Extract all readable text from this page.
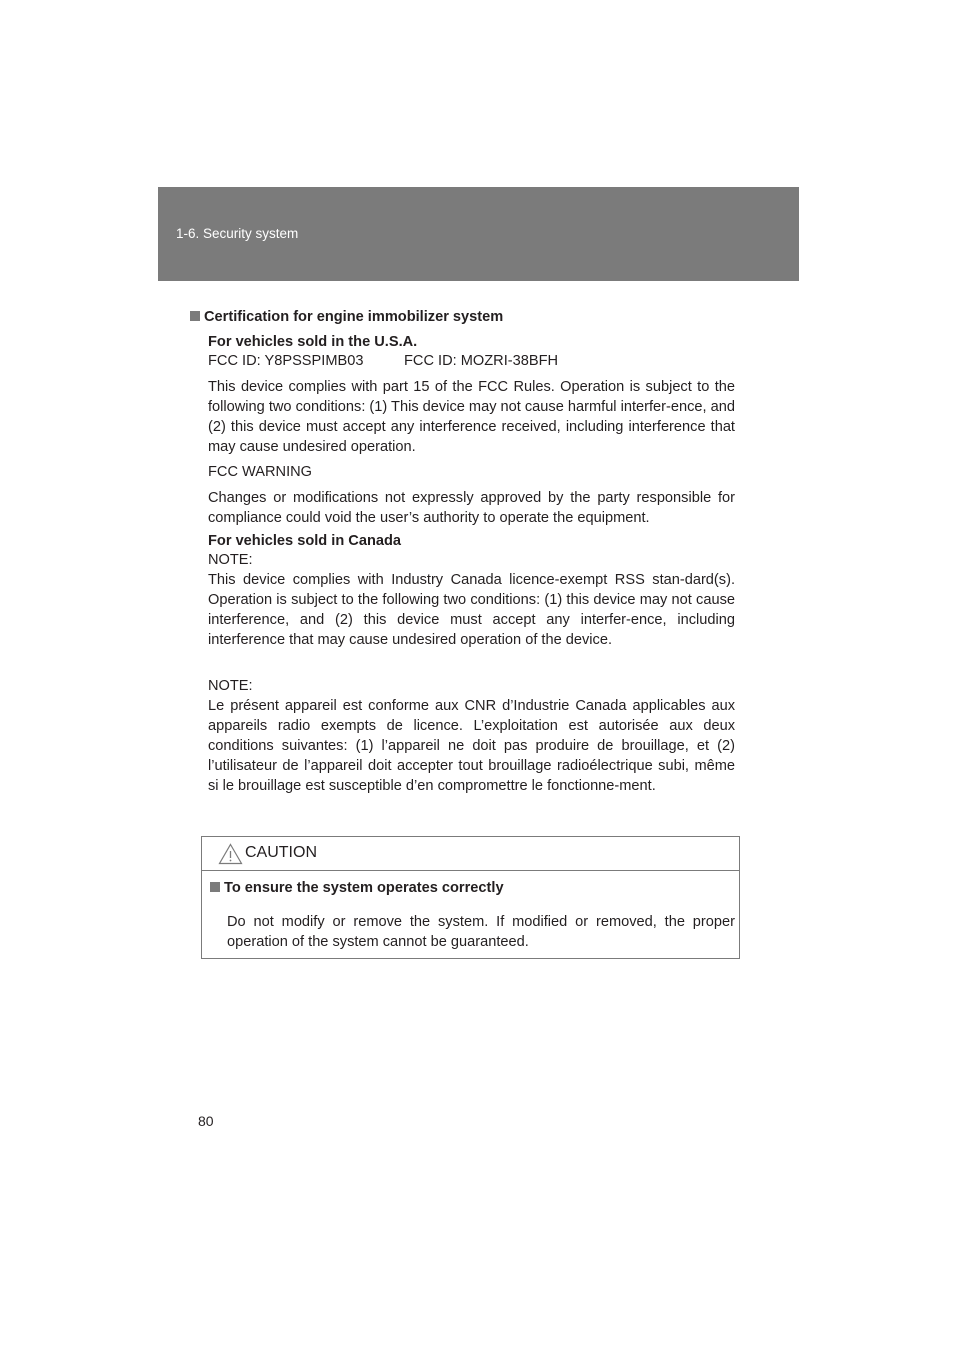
1-6. Security system
Certification for engine immobilizer system
For vehicles sold in the U.S.A.
FCC ID: Y8PSSPIMB03	FCC ID: MOZRI-38BFH
This device complies with part 15 of the FCC Rules. Operation is subject to the following two conditions: (1) This device may not cause harmful interfer-ence, and (2) this device must accept any interference received, including interference that may cause undesired operation.
FCC WARNING
Changes or modifications not expressly approved by the party responsible for compliance could void the user’s authority to operate the equipment.
For vehicles sold in Canada
NOTE:
This device complies with Industry Canada licence-exempt RSS stan-dard(s). Operation is subject to the following two conditions: (1) this device may not cause interference, and (2) this device must accept any interfer-ence, including interference that may cause undesired operation of the device.
NOTE:
Le présent appareil est conforme aux CNR d’Industrie Canada applicables aux appareils radio exempts de licence. L’exploitation est autorisée aux deux conditions suivantes: (1) l’appareil ne doit pas produire de brouillage, et (2) l’utilisateur de l’appareil doit accepter tout brouillage radioélectrique subi, même si le brouillage est susceptible d’en compromettre le fonctionne-ment.
CAUTION
To ensure the system operates correctly
Do not modify or remove the system. If modified or removed, the proper operation of the system cannot be guaranteed.
80
